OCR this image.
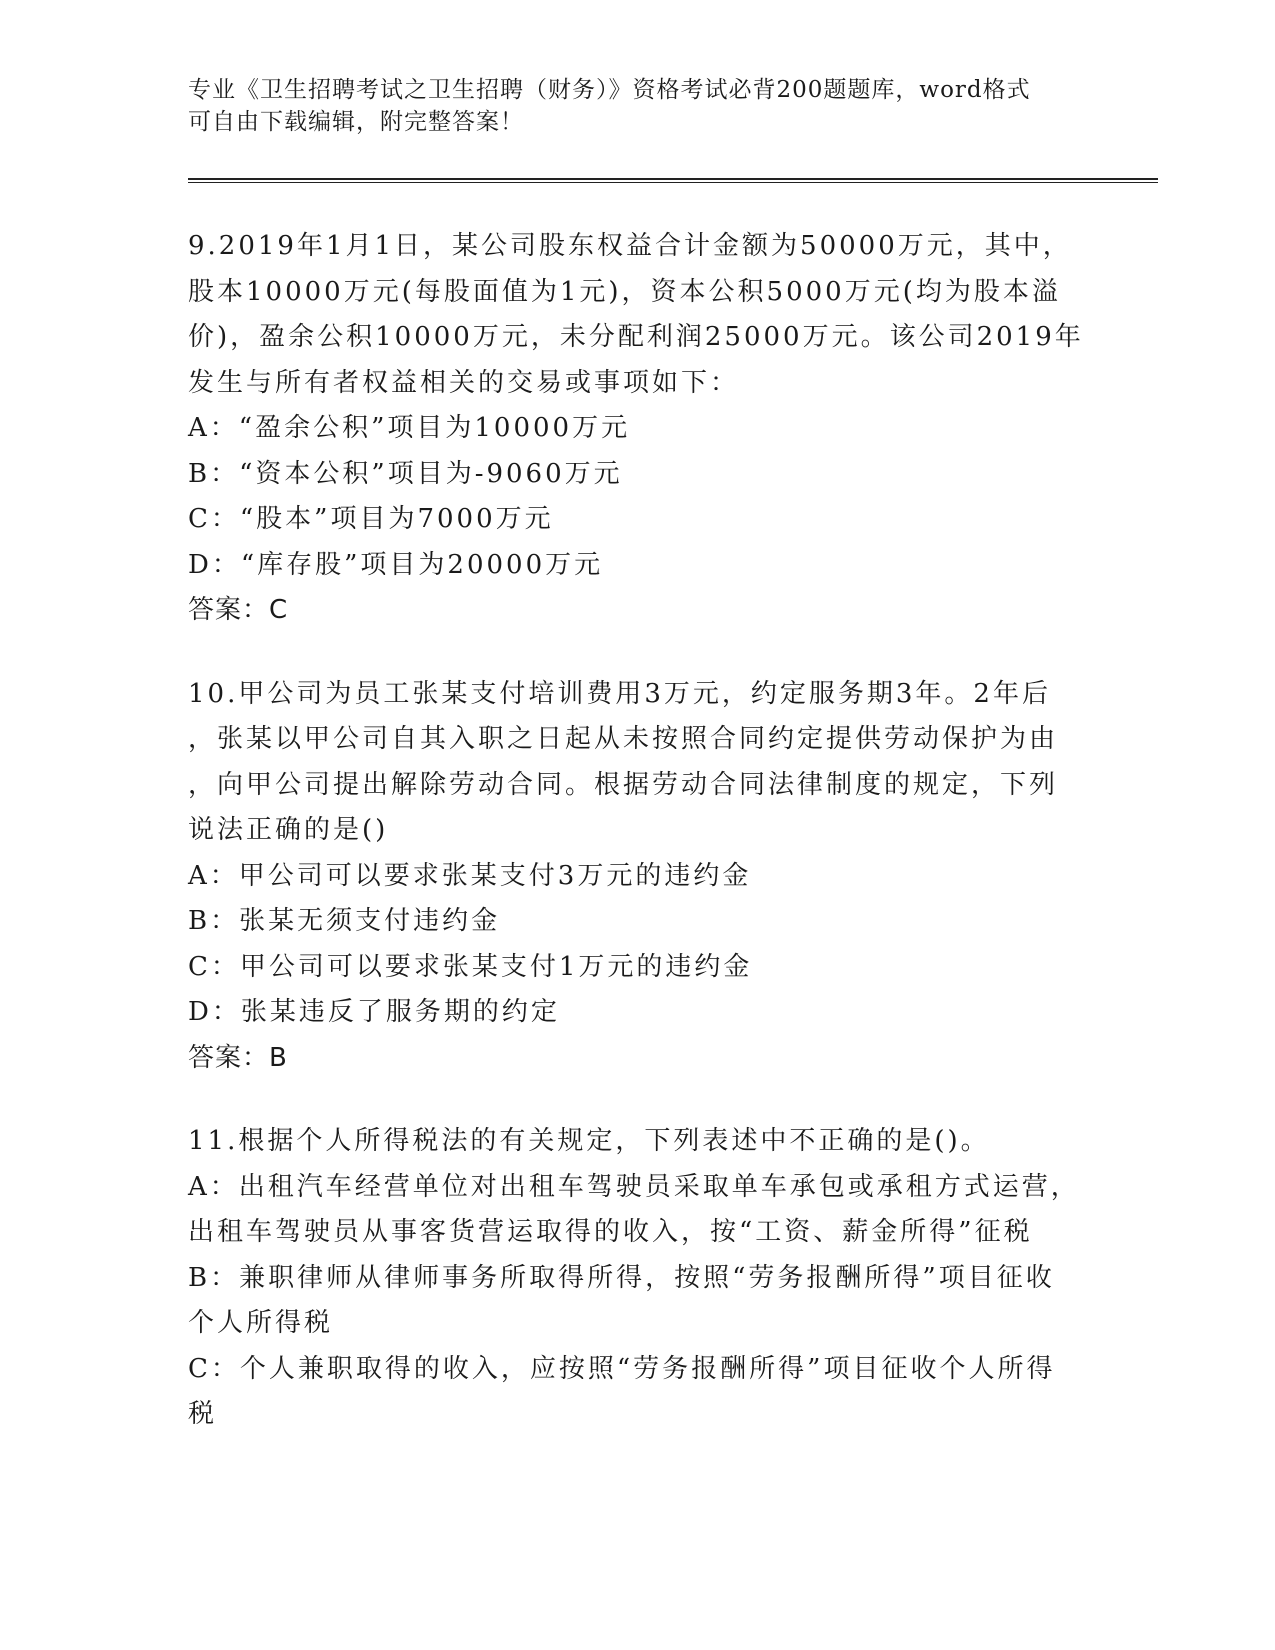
专业《卫生招聘考试之卫生招聘（财务）》资格考试必背200题题库，word格式
可自由下载编辑，附完整答案！
9.2019年1月1日，某公司股东权益合计金额为50000万元，其中，
股本10000万元(每股面值为1元)，资本公积5000万元(均为股本溢
价)，盈余公积10000万元，未分配利润25000万元。该公司2019年
发生与所有者权益相关的交易或事项如下：
A：“盈余公积”项目为10000万元
B：“资本公积”项目为-9060万元
C：“股本”项目为7000万元
D：“库存股”项目为20000万元
答案：C
10.甲公司为员工张某支付培训费用3万元，约定服务期3年。2年后
，张某以甲公司自其入职之日起从未按照合同约定提供劳动保护为由
，向甲公司提出解除劳动合同。根据劳动合同法律制度的规定，下列
说法正确的是()
A：甲公司可以要求张某支付3万元的违约金
B：张某无须支付违约金
C：甲公司可以要求张某支付1万元的违约金
D：张某违反了服务期的约定
答案：B
11.根据个人所得税法的有关规定，下列表述中不正确的是()。
A：出租汽车经营单位对出租车驾驶员采取单车承包或承租方式运营，
出租车驾驶员从事客货营运取得的收入，按“工资、薪金所得”征税
B：兼职律师从律师事务所取得所得，按照“劳务报酬所得”项目征收
个人所得税
C：个人兼职取得的收入，应按照“劳务报酬所得”项目征收个人所得
税
